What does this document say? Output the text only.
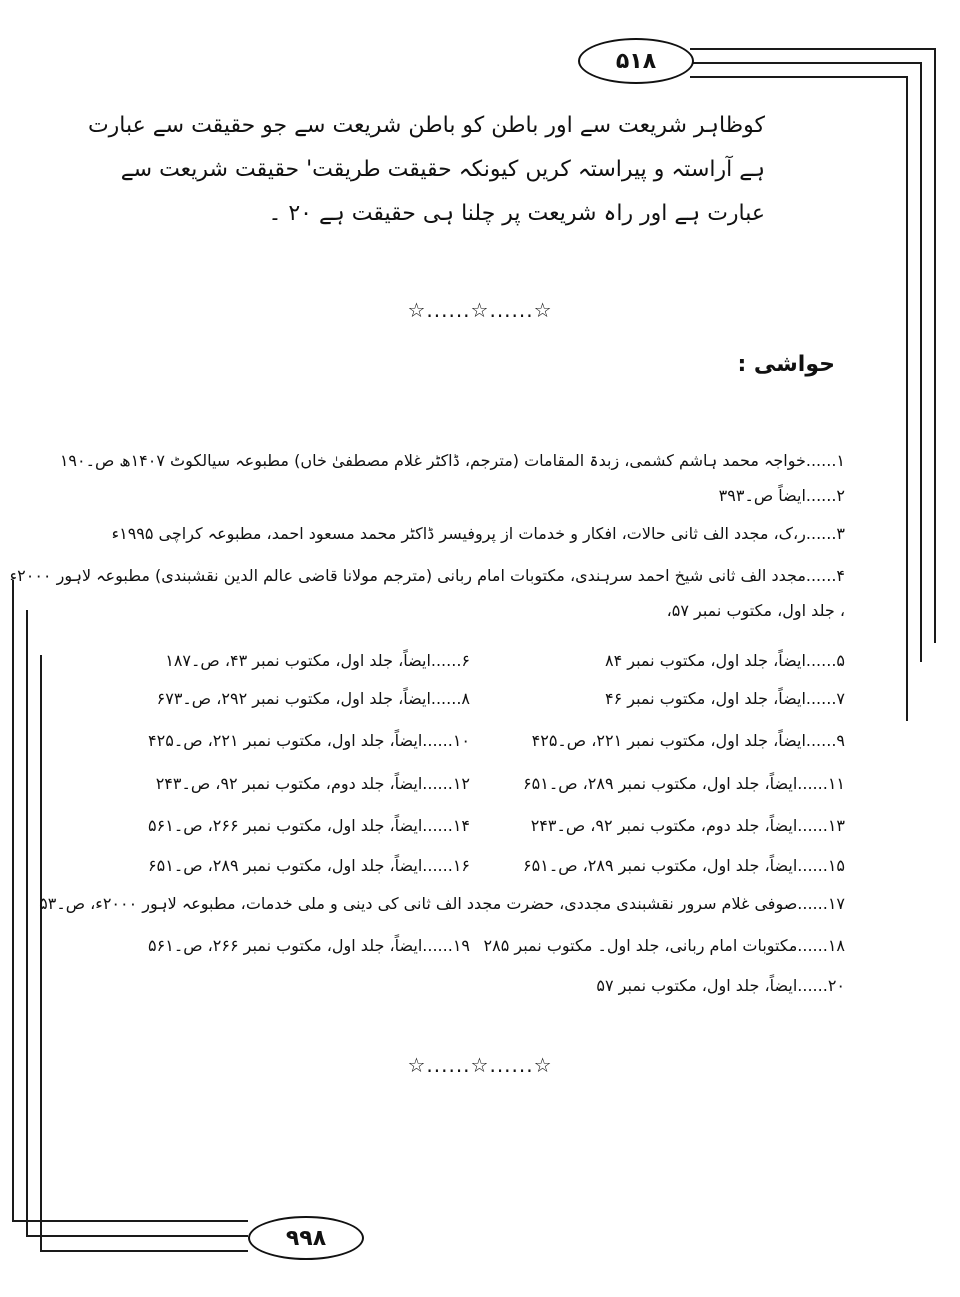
۵۱۸
کوظاہر شریعت سے اور باطن کو باطن شریعت سے جو حقیقت سے عبارت
ہے آراستہ و پیراستہ کریں کیونکہ حقیقت طریقت' حقیقت شریعت سے
عبارت ہے اور راہ شریعت پر چلنا ہی حقیقت ہے ۲۰ ۔
☆......☆......☆
حواشی :
۱......خواجہ محمد ہاشم کشمی، زبدۃ المقامات (مترجم، ڈاکٹر غلام مصطفیٰ خاں) مطبوعہ سیالکوٹ ۱۴۰۷ھ ص۔۱۹۰
۲......ایضاً ص۔۳۹۳
۳......ر،ک، مجدد الف ثانی حالات، افکار و خدمات از پروفیسر ڈاکٹر محمد مسعود احمد، مطبوعہ کراچی ۱۹۹۵ء
۴......مجدد الف ثانی شیخ احمد سرہندی، مکتوبات امام ربانی (مترجم مولانا قاضی عالم الدین نقشبندی) مطبوعہ لاہور ۲۰۰۰ء
، جلد اول، مکتوب نمبر ۵۷،
۵......ایضاً، جلد اول، مکتوب نمبر ۸۴
۶......ایضاً، جلد اول، مکتوب نمبر ۴۳، ص۔۱۸۷
۷......ایضاً، جلد اول، مکتوب نمبر ۴۶
۸......ایضاً، جلد اول، مکتوب نمبر ۲۹۲، ص۔۶۷۳
۹......ایضاً، جلد اول، مکتوب نمبر ۲۲۱، ص۔۴۲۵
۱۰......ایضاً، جلد اول، مکتوب نمبر ۲۲۱، ص۔۴۲۵
۱۱......ایضاً، جلد اول، مکتوب نمبر ۲۸۹، ص۔۶۵۱
۱۲......ایضاً، جلد دوم، مکتوب نمبر ۹۲، ص۔۲۴۳
۱۳......ایضاً، جلد دوم، مکتوب نمبر ۹۲، ص۔۲۴۳
۱۴......ایضاً، جلد اول، مکتوب نمبر ۲۶۶، ص۔۵۶۱
۱۵......ایضاً، جلد اول، مکتوب نمبر ۲۸۹، ص۔۶۵۱
۱۶......ایضاً، جلد اول، مکتوب نمبر ۲۸۹، ص۔۶۵۱
۱۷......صوفی غلام سرور نقشبندی مجددی، حضرت مجدد الف ثانی کی دینی و ملی خدمات، مطبوعہ لاہور ۲۰۰۰ء، ص۔۵۳
۱۸......مکتوبات امام ربانی، جلد اول۔ مکتوب نمبر ۲۸۵
۱۹......ایضاً، جلد اول، مکتوب نمبر ۲۶۶، ص۔۵۶۱
۲۰......ایضاً، جلد اول، مکتوب نمبر ۵۷
☆......☆......☆
۹۹۸
